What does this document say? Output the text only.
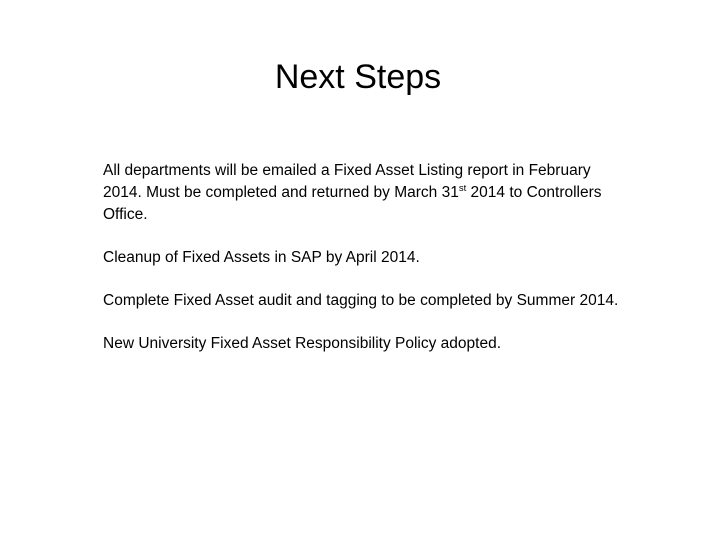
Next Steps

All departments will be emailed a Fixed Asset Listing report in February 2014. Must be completed and returned by March 31st 2014 to Controllers Office.

Cleanup of Fixed Assets in SAP by April 2014.

Complete Fixed Asset audit and tagging to be completed by Summer 2014.

New University Fixed Asset Responsibility Policy adopted.
